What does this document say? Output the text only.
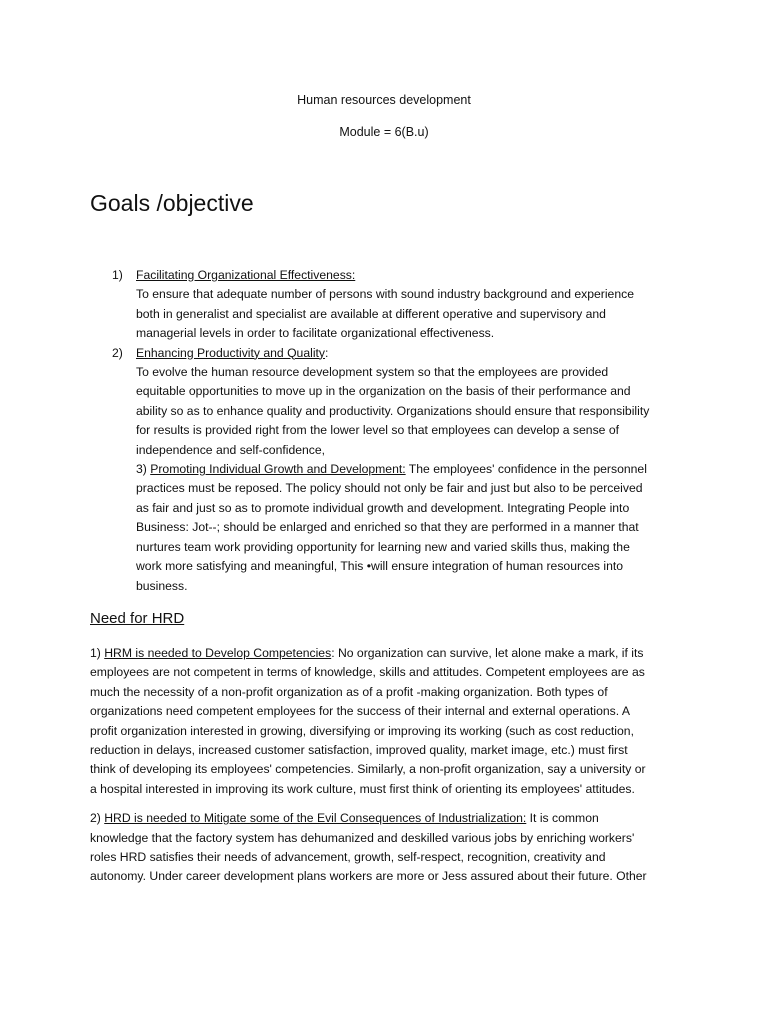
Human resources development
Module = 6(B.u)
Goals /objective
1)	Facilitating Organizational Effectiveness:
To ensure that adequate number of persons with sound industry background and experience
both in generalist and specialist are available at different operative and supervisory and
managerial levels in order to facilitate organizational effectiveness.
2)	Enhancing Productivity and Quality:
To evolve the human resource development system so that the employees are provided
equitable opportunities to move up in the organization on the basis of their performance and
ability so as to enhance quality and productivity. Organizations should ensure that responsibility
for results is provided right from the lower level so that employees can develop a sense of
independence and self-confidence,
3) Promoting Individual Growth and Development: The employees' confidence in the personnel
practices must be reposed. The policy should not only be fair and just but also to be perceived
as fair and just so as to promote individual growth and development. Integrating People into
Business: Jot--; should be enlarged and enriched so that they are performed in a manner that
nurtures team work providing opportunity for learning new and varied skills thus, making the
work more satisfying and meaningful, This •will ensure integration of human resources into
business.
Need for HRD

1) HRM is needed to Develop Competencies: No organization can survive, let alone make a mark, if its
employees are not competent in terms of knowledge, skills and attitudes. Competent employees are as
much the necessity of a non-profit organization as of a profit -making organization. Both types of
organizations need competent employees for the success of their internal and external operations. A
profit organization interested in growing, diversifying or improving its working (such as cost reduction,
reduction in delays, increased customer satisfaction, improved quality, market image, etc.) must first
think of developing its employees' competencies. Similarly, a non-profit organization, say a university or
a hospital interested in improving its work culture, must first think of orienting its employees' attitudes.

2) HRD is needed to Mitigate some of the Evil Consequences of Industrialization: It is common
knowledge that the factory system has dehumanized and deskilled various jobs by enriching workers'
roles HRD satisfies their needs of advancement, growth, self-respect, recognition, creativity and
autonomy. Under career development plans workers are more or Jess assured about their future. Other
